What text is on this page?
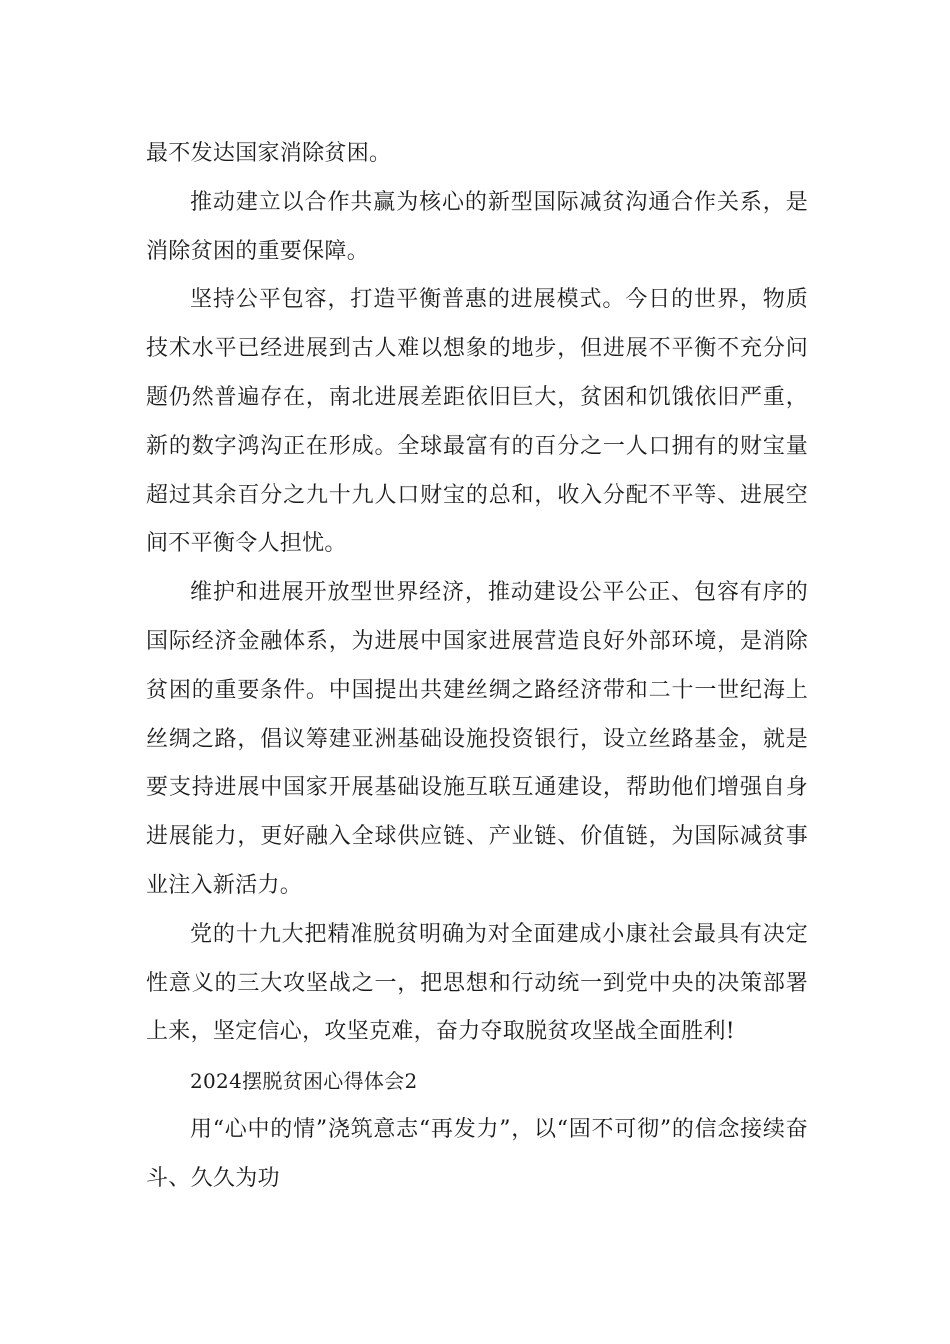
最不发达国家消除贫困。

推动建立以合作共赢为核心的新型国际减贫沟通合作关系，是消除贫困的重要保障。

坚持公平包容，打造平衡普惠的进展模式。今日的世界，物质技术水平已经进展到古人难以想象的地步，但进展不平衡不充分问题仍然普遍存在，南北进展差距依旧巨大，贫困和饥饿依旧严重，新的数字鸿沟正在形成。全球最富有的百分之一人口拥有的财宝量超过其余百分之九十九人口财宝的总和，收入分配不平等、进展空间不平衡令人担忧。

维护和进展开放型世界经济，推动建设公平公正、包容有序的国际经济金融体系，为进展中国家进展营造良好外部环境，是消除贫困的重要条件。中国提出共建丝绸之路经济带和二十一世纪海上丝绸之路，倡议筹建亚洲基础设施投资银行，设立丝路基金，就是要支持进展中国家开展基础设施互联互通建设，帮助他们增强自身进展能力，更好融入全球供应链、产业链、价值链，为国际减贫事业注入新活力。

党的十九大把精准脱贫明确为对全面建成小康社会最具有决定性意义的三大攻坚战之一，把思想和行动统一到党中央的决策部署上来，坚定信心，攻坚克难，奋力夺取脱贫攻坚战全面胜利!

2024摆脱贫困心得体会2

用“心中的情”浇筑意志“再发力”，以“固不可彻”的信念接续奋斗、久久为功
